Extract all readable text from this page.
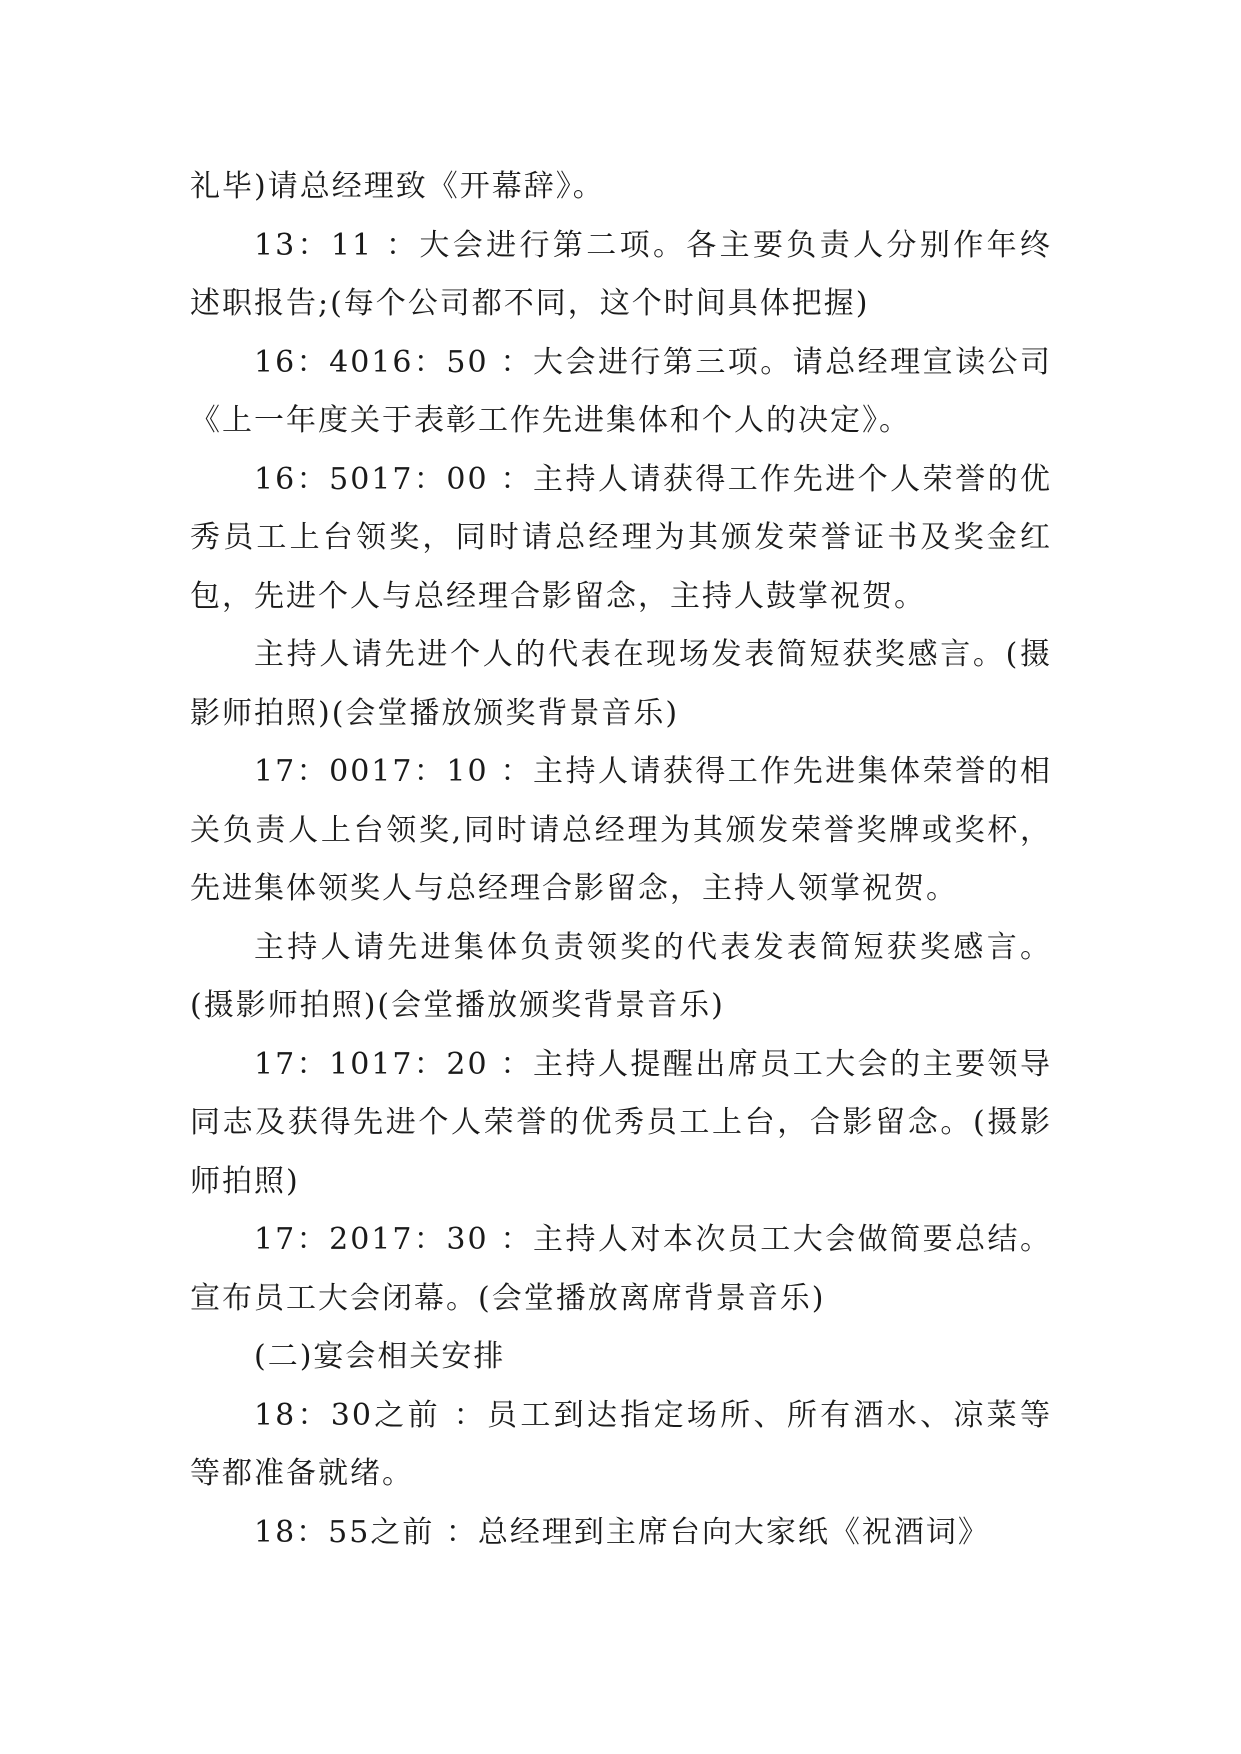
礼毕)请总经理致《开幕辞》。

13：11 ：大会进行第二项。各主要负责人分别作年终述职报告;(每个公司都不同，这个时间具体把握)

16：4016：50 ：大会进行第三项。请总经理宣读公司《上一年度关于表彰工作先进集体和个人的决定》。

16：5017：00 ：主持人请获得工作先进个人荣誉的优秀员工上台领奖，同时请总经理为其颁发荣誉证书及奖金红包，先进个人与总经理合影留念，主持人鼓掌祝贺。

主持人请先进个人的代表在现场发表简短获奖感言。(摄影师拍照)(会堂播放颁奖背景音乐)

17：0017：10 ：主持人请获得工作先进集体荣誉的相关负责人上台领奖,同时请总经理为其颁发荣誉奖牌或奖杯，先进集体领奖人与总经理合影留念，主持人领掌祝贺。

主持人请先进集体负责领奖的代表发表简短获奖感言。(摄影师拍照)(会堂播放颁奖背景音乐)

17：1017：20 ：主持人提醒出席员工大会的主要领导同志及获得先进个人荣誉的优秀员工上台，合影留念。(摄影师拍照)

17：2017：30 ：主持人对本次员工大会做简要总结。宣布员工大会闭幕。(会堂播放离席背景音乐)

(二)宴会相关安排

18：30之前 ：员工到达指定场所、所有酒水、凉菜等等都准备就绪。

18：55之前 ：总经理到主席台向大家纸《祝酒词》
